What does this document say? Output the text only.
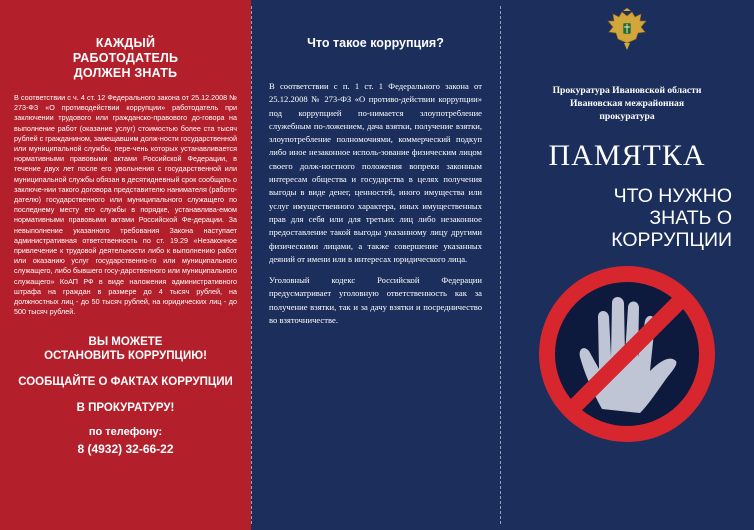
КАЖДЫЙ
РАБОТОДАТЕЛЬ
ДОЛЖЕН ЗНАТЬ

В соответствии с ч. 4 ст. 12 Федерального закона от 25.12.2008 № 273-ФЗ «О противодействии коррупции» работодатель при заключении трудового или гражданско-правового до-говора на выполнение работ (оказание услуг) стоимостью более ста тысяч рублей с гражданином, замещавшим долж-ности государственной или муниципальной службы, пере-чень которых устанавливается нормативными правовыми актами Российской Федерации, в течение двух лет после его увольнения с государственной или муниципальной службы обязан в десятидневный срок сообщать о заключе-нии такого договора представителю нанимателя (работо-дателю) государственного или муниципального служащего по последнему месту его службы в порядке, устанавлива-емом нормативными правовыми актами Российской Фе-дерации. За невыполнение указанного требования Закона наступает административная ответственность по ст. 19.29 «Незаконное привлечение к трудовой деятельности либо к выполнению работ или оказанию услуг государственно-го или муниципального служащего, либо бывшего госу-дарственного или муниципального служащего» КоАП РФ в виде наложения административного штрафа на граждан в размере до 4 тысяч рублей, на должностных лиц - до 50 тысяч рублей, на юридических лиц - до 500 тысяч рублей.

ВЫ МОЖЕТЕ
ОСТАНОВИТЬ КОРРУПЦИЮ!
СООБЩАЙТЕ О ФАКТАХ КОРРУПЦИИ
В ПРОКУРАТУРУ!
по телефону:
8 (4932) 32-66-22
Что такое коррупция?

В соответствии с п. 1 ст. 1 Федерального закона от 25.12.2008 № 273-ФЗ «О противо-действии коррупции» под коррупцией по-нимается злоупотребление служебным по-ложением, дача взятки, получение взятки, злоупотребление полномочиями, коммерческий подкуп либо иное незаконное исполь-зование физическим лицом своего долж-ностного положения вопреки законным интересам общества и государства в целях получения выгоды в виде денег, ценностей, иного имущества или услуг имущественного характера, иных имущественных прав для себя или для третьих лиц либо незаконное предоставление такой выгоды указанному лицу другими физическими лицами, а также совершение указанных деяний от имени или в интересах юридического лица.

Уголовный кодекс Российской Федерации предусматривает уголовную ответственность как за получение взятки, так и за дачу взятки и посредничество во взяточничестве.

Прокуратура Ивановской области
Ивановская межрайонная
прокуратура
ПАМЯТКА
ЧТО НУЖНО
ЗНАТЬ О
КОРРУПЦИИ
